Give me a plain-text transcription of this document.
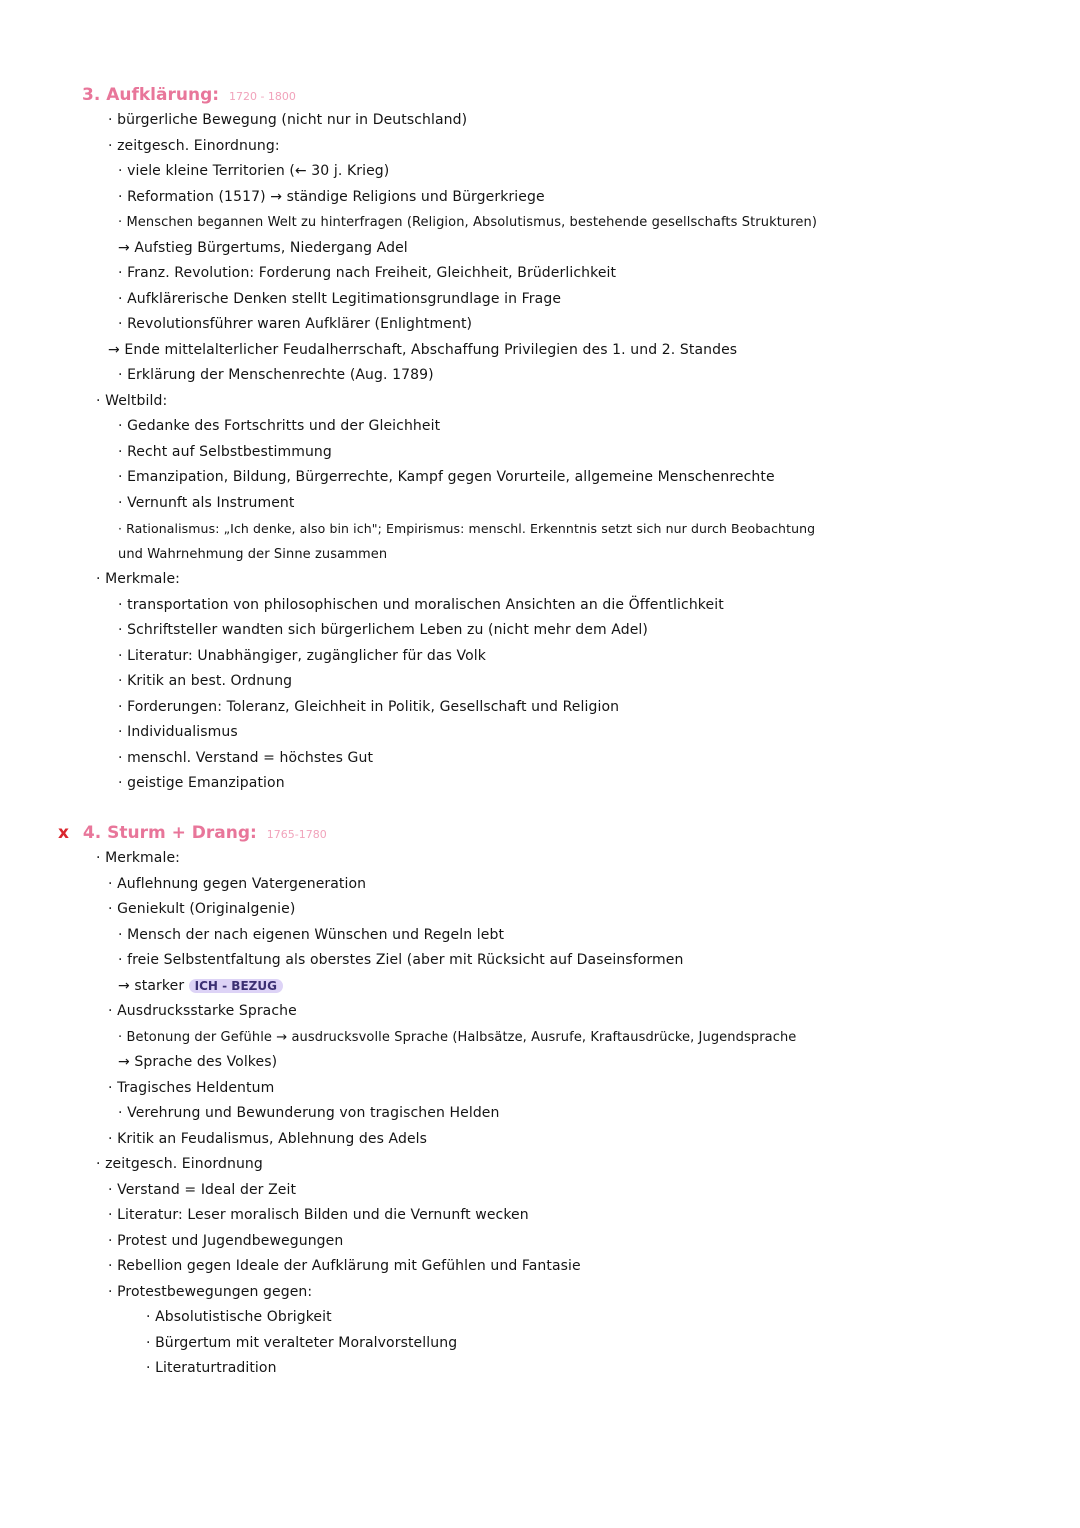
3. Aufklärung: 1720 - 1800
· bürgerliche Bewegung (nicht nur in Deutschland)
· zeitgesch. Einordnung:
· viele kleine Territorien (← 30 j. Krieg)
· Reformation (1517) → ständige Religions und Bürgerkriege
· Menschen begannen Welt zu hinterfragen (Religion, Absolutismus, bestehende gesellschafts Strukturen)
→ Aufstieg Bürgertums, Niedergang Adel
· Franz. Revolution: Forderung nach Freiheit, Gleichheit, Brüderlichkeit
· Aufklärerische Denken stellt Legitimationsgrundlage in Frage
· Revolutionsführer waren Aufklärer (Enlightment)
→ Ende mittelalterlicher Feudalherrschaft, Abschaffung Privilegien des 1. und 2. Standes
· Erklärung der Menschenrechte (Aug. 1789)
· Weltbild:
· Gedanke des Fortschritts und der Gleichheit
· Recht auf Selbstbestimmung
· Emanzipation, Bildung, Bürgerrechte, Kampf gegen Vorurteile, allgemeine Menschenrechte
· Vernunft als Instrument
· Rationalismus: „Ich denke, also bin ich"; Empirismus: menschl. Erkenntnis setzt sich nur durch Beobachtung
und Wahrnehmung der Sinne zusammen
· Merkmale:
· transportation von philosophischen und moralischen Ansichten an die Öffentlichkeit
· Schriftsteller wandten sich bürgerlichem Leben zu (nicht mehr dem Adel)
· Literatur: Unabhängiger, zugänglicher für das Volk
· Kritik an best. Ordnung
· Forderungen: Toleranz, Gleichheit in Politik, Gesellschaft und Religion
· Individualismus
· menschl. Verstand = höchstes Gut
· geistige Emanzipation
x 4. Sturm + Drang: 1765-1780
· Merkmale:
· Auflehnung gegen Vatergeneration
· Geniekult (Originalgenie)
· Mensch der nach eigenen Wünschen und Regeln lebt
· freie Selbstentfaltung als oberstes Ziel (aber mit Rücksicht auf Daseinsformen
→ starker ICH - BEZUG
· Ausdrucksstarke Sprache
· Betonung der Gefühle → ausdrucksvolle Sprache (Halbsätze, Ausrufe, Kraftausdrücke, Jugendsprache
→ Sprache des Volkes)
· Tragisches Heldentum
· Verehrung und Bewunderung von tragischen Helden
· Kritik an Feudalismus, Ablehnung des Adels
· zeitgesch. Einordnung
· Verstand = Ideal der Zeit
· Literatur: Leser moralisch Bilden und die Vernunft wecken
· Protest und Jugendbewegungen
· Rebellion gegen Ideale der Aufklärung mit Gefühlen und Fantasie
· Protestbewegungen gegen:
· Absolutistische Obrigkeit
· Bürgertum mit veralteter Moralvorstellung
· Literaturtradition
